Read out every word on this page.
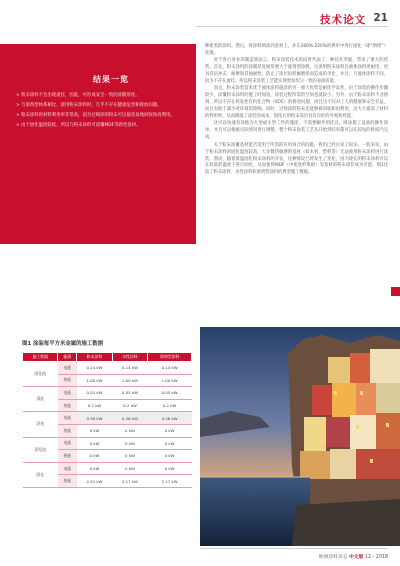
技术论文 21
结果一览
> 粉末涂料不会出现流挂，因此，可形成安全一致的涂膜厚度。
> 与溶剂型体系相比，使用粉末涂料时，几乎不存在健康危害和排放问题。
> 粉末涂料的材料利用率非常高，因为过喷涂的粉末可以很容易地回收和再利用。
> 由于固化温度较低，所以与粉末涂料可涂覆MDF等新型基材。

种新类的涂料。然后，将涂料喷涂到基材上，并在200%-220%的烘炉中进行固化（即“烘烤”）处理。

对于各行各业的制造商而言，粉末涂装技术的问世代表了一种技术突破，带来了重大的优势。首先，粉末涂料的涂膜厚度通常要大于液剂型涂膜，这说明粉末涂料比液体涂料更耐用，更具有抗冲击、耐磨和其他耐性；防止了涂层因机械磨损而造成的劣化，并且，与液体涂料不同，因为不存在流挂，所以粉末涂装工艺能实现更加均匀一致的表面质量。

而且，粉末涂装技术优于液体涂料施涂的另一重大优势是耐化学品性，由于涂装的操作步骤较少，涂覆粉末涂料的施工时间短，涂装过程所需的空间也就较小。另外，由于粉末涂料不含溶剂，所以不存在挥发性有机化合物（VOC）的排放问题，而且这不仅对工人的健康和安全有益，而且有助于减少对环境的影响。同时，过喷涂的粉末还能够被回收和再利用，这大大提高了材料的利用率，从而降低了涂装的成本。固化后的粉末涂层具有良好的外观和性能。

这可以快速有效地为大型或小型工件的施涂，不需要额外的挂具。喷涂施工设备的操作简单，并且可以根据实际情况进行调整，整个粉末涂装工艺从开始到结束都可以在较短的时间内完成。

关于粉末涂覆基材能否适用于所需的应用场合的问题，我们已经讨论了很多。一般来说，由于粉末涂料的固化温度较高，大多数热敏感的基材（如木材、塑料等）无法使用粉末涂料进行涂装。然而，随着低温固化粉末涂料的开发，这种情况已经发生了变化，因为现在的粉末涂料可以在较低的温度下进行固化，从而使得MDF（中密度纤维板）等基材的粉末涂装成为可能。图1比较了粉末涂料、水性涂料和溶剂型涂料的典型施工数据。

图1 涂装每平方米金属的施工数据
施工数据	能源	粉末涂料	水性涂料	溶剂型涂料
固化值	电能	0.14 kW	0.14 kW	0.14 kW
	热能	1.00 kW	1.00 kW	1.00 kW
清洗	电能	0.03 kW	0.05 kW	0.05 kW
	热能	0.2 kW	0.2 kW	0.2 kW
涂装	电能	0.36 kW	0.36 kW	0.36 kW
	热能	0 kW	0 kW	0 kW
蒸发流	电能	0 kW	0 kW	0 kW
	热能	0 kW	0 kW	0 kW
固化	电能	0 kW	0 kW	0 kW
	热能	2.32 kW	2.17 kW	2.17 kW
欧洲涂料杂志 中文版 12 - 2018
